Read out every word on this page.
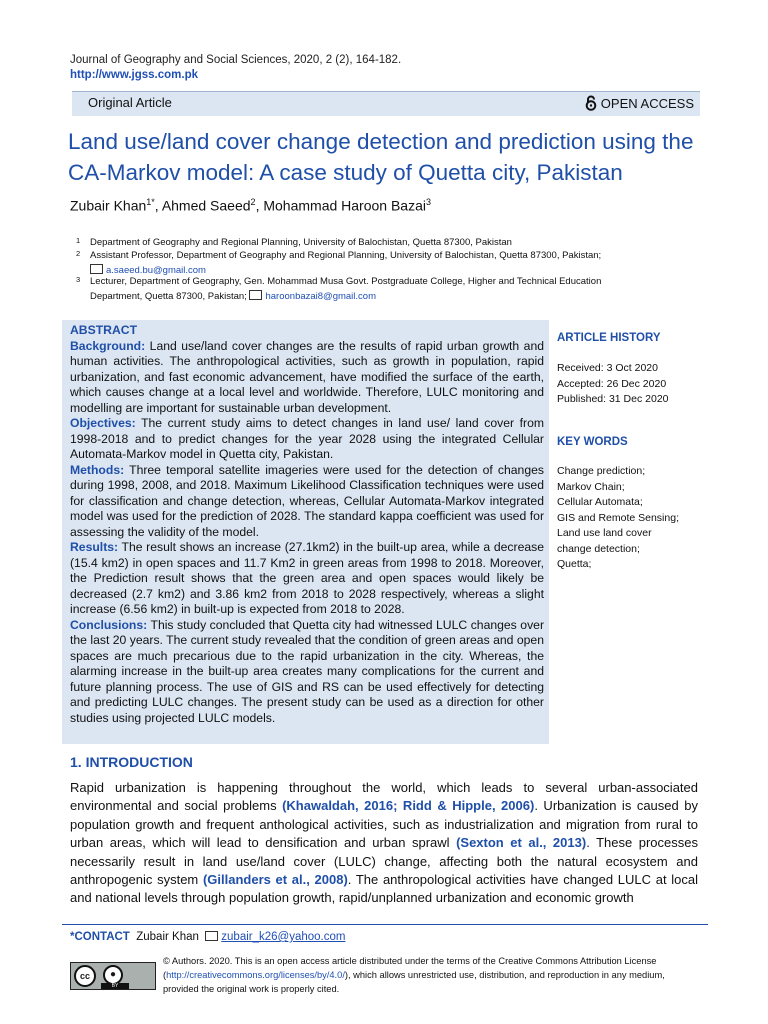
Journal of Geography and Social Sciences, 2020, 2 (2), 164-182.
http://www.jgss.com.pk
Original Article	OPEN ACCESS
Land use/land cover change detection and prediction using the CA-Markov model: A case study of Quetta city, Pakistan
Zubair Khan$^{1*}$, Ahmed Saeed$^2$, Mohammad Haroon Bazai$^3$
1 Department of Geography and Regional Planning, University of Balochistan, Quetta 87300, Pakistan
2 Assistant Professor, Department of Geography and Regional Planning, University of Balochistan, Quetta 87300, Pakistan;
a.saeed.bu@gmail.com
3 Lecturer, Department of Geography, Gen. Mohammad Musa Govt. Postgraduate College, Higher and Technical Education
Department, Quetta 87300, Pakistan; haroonbazai8@gmail.com

ABSTRACT

Background: Land use/land cover changes are the results of rapid urban growth and human activities. The anthropological activities, such as growth in population, rapid urbanization, and fast economic advancement, have modified the surface of the earth, which causes change at a local level and worldwide. Therefore, LULC monitoring and modelling are important for sustainable urban development.

Objectives: The current study aims to detect changes in land use/ land cover from 1998-2018 and to predict changes for the year 2028 using the integrated Cellular Automata-Markov model in Quetta city, Pakistan.

Methods: Three temporal satellite imageries were used for the detection of changes during 1998, 2008, and 2018. Maximum Likelihood Classification techniques were used for classification and change detection, whereas, Cellular Automata-Markov integrated model was used for the prediction of 2028. The standard kappa coefficient was used for assessing the validity of the model.

Results: The result shows an increase (27.1km2) in the built-up area, while a decrease (15.4 km2) in open spaces and 11.7 Km2 in green areas from 1998 to 2018. Moreover, the Prediction result shows that the green area and open spaces would likely be decreased (2.7 km2) and 3.86 km2 from 2018 to 2028 respectively, whereas a slight increase (6.56 km2) in built-up is expected from 2018 to 2028.

Conclusions: This study concluded that Quetta city had witnessed LULC changes over the last 20 years. The current study revealed that the condition of green areas and open spaces are much precarious due to the rapid urbanization in the city. Whereas, the alarming increase in the built-up area creates many complications for the current and future planning process. The use of GIS and RS can be used effectively for detecting and predicting LULC changes. The present study can be used as a direction for other studies using projected LULC models.

ARTICLE HISTORY
Received: 3 Oct 2020
Accepted: 26 Dec 2020
Published: 31 Dec 2020
KEY WORDS
Change prediction;
Markov Chain;
Cellular Automata;
GIS and Remote Sensing;
Land use land cover
change detection;
Quetta;
1. INTRODUCTION
Rapid urbanization is happening throughout the world, which leads to several urban-associated environmental and social problems (Khawaldah, 2016; Ridd & Hipple, 2006). Urbanization is caused by population growth and frequent anthological activities, such as industrialization and migration from rural to urban areas, which will lead to densification and urban sprawl (Sexton et al., 2013). These processes necessarily result in land use/land cover (LULC) change, affecting both the natural ecosystem and anthropogenic system (Gillanders et al., 2008). The anthropological activities have changed LULC at local and national levels through population growth, rapid/unplanned urbanization and economic growth
*CONTACT Zubair Khan zubair_k26@yahoo.com
cc	●
BY
© Authors. 2020. This is an open access article distributed under the terms of the Creative Commons Attribution License (http://creativecommons.org/licenses/by/4.0/), which allows unrestricted use, distribution, and reproduction in any medium, provided the original work is properly cited.
